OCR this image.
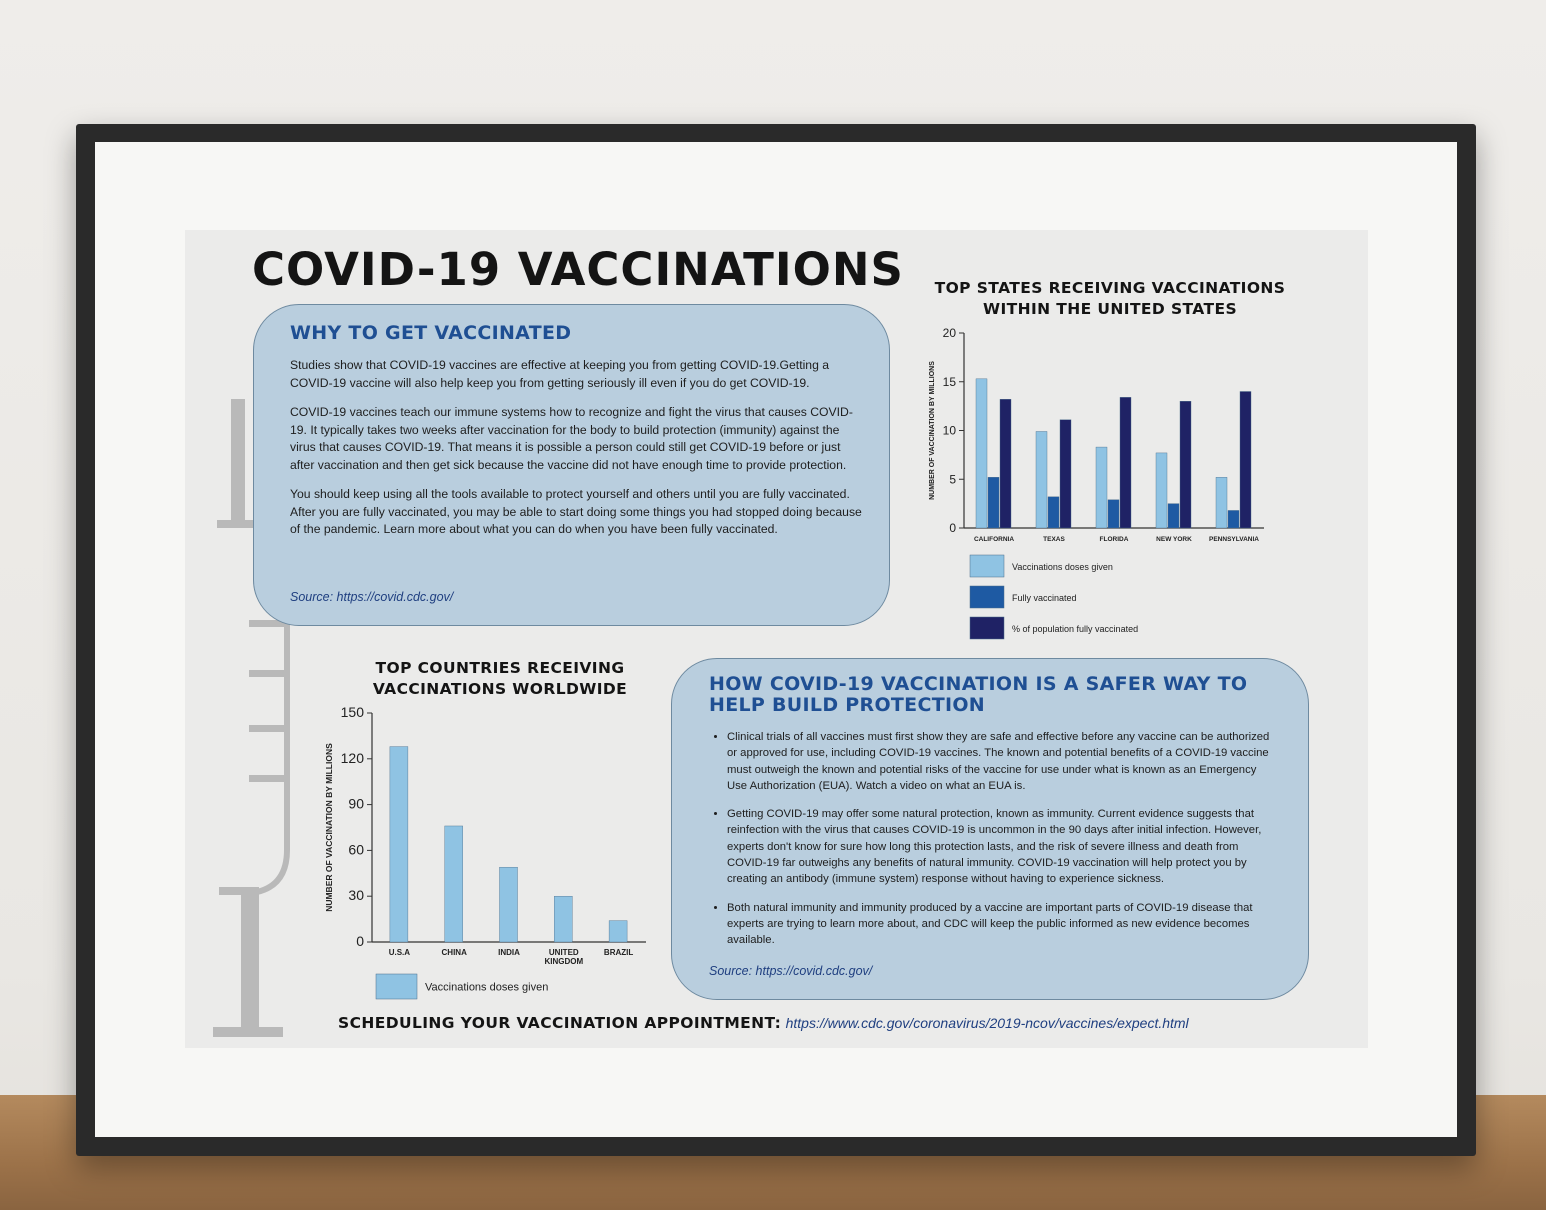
COVID-19 VACCINATIONS
WHY TO GET VACCINATED

Studies show that COVID-19 vaccines are effective at keeping you from getting COVID-19.Getting a COVID-19 vaccine will also help keep you from getting seriously ill even if you do get COVID-19.

COVID-19 vaccines teach our immune systems how to recognize and fight the virus that causes COVID-19. It typically takes two weeks after vaccination for the body to build protection (immunity) against the virus that causes COVID-19. That means it is possible a person could still get COVID-19 before or just after vaccination and then get sick because the vaccine did not have enough time to provide protection.

You should keep using all the tools available to protect yourself and others until you are fully vaccinated. After you are fully vaccinated, you may be able to start doing some things you had stopped doing because of the pandemic. Learn more about what you can do when you have been fully vaccinated.

Source: https://covid.cdc.gov/
TOP STATES RECEIVING VACCINATIONS WITHIN THE UNITED STATES
0
5
10
15
20
NUMBER OF VACCINATION BY MILLIONS
CALIFORNIA	TEXAS	FLORIDA	NEW YORK	PENNSYLVANIA
Vaccinations doses given
Fully vaccinated
% of population fully vaccinated
TOP COUNTRIES RECEIVING VACCINATIONS WORLDWIDE
0
30
60
90
120
150
NUMBER OF VACCINATION BY MILLIONS
U.S.A	CHINA	INDIA	UNITED
KINGDOM
BRAZIL
Vaccinations doses given
HOW COVID-19 VACCINATION IS A SAFER WAY TO HELP BUILD PROTECTION
• Clinical trials of all vaccines must first show they are safe and effective before any vaccine can be authorized or approved for use, including COVID-19 vaccines. The known and potential benefits of a COVID-19 vaccine must outweigh the known and potential risks of the vaccine for use under what is known as an Emergency Use Authorization (EUA). Watch a video on what an EUA is.
• Getting COVID-19 may offer some natural protection, known as immunity. Current evidence suggests that reinfection with the virus that causes COVID-19 is uncommon in the 90 days after initial infection. However, experts don't know for sure how long this protection lasts, and the risk of severe illness and death from COVID-19 far outweighs any benefits of natural immunity. COVID-19 vaccination will help protect you by creating an antibody (immune system) response without having to experience sickness.
• Both natural immunity and immunity produced by a vaccine are important parts of COVID-19 disease that experts are trying to learn more about, and CDC will keep the public informed as new evidence becomes available.
Source: https://covid.cdc.gov/
SCHEDULING YOUR VACCINATION APPOINTMENT: https://www.cdc.gov/coronavirus/2019-ncov/vaccines/expect.html
